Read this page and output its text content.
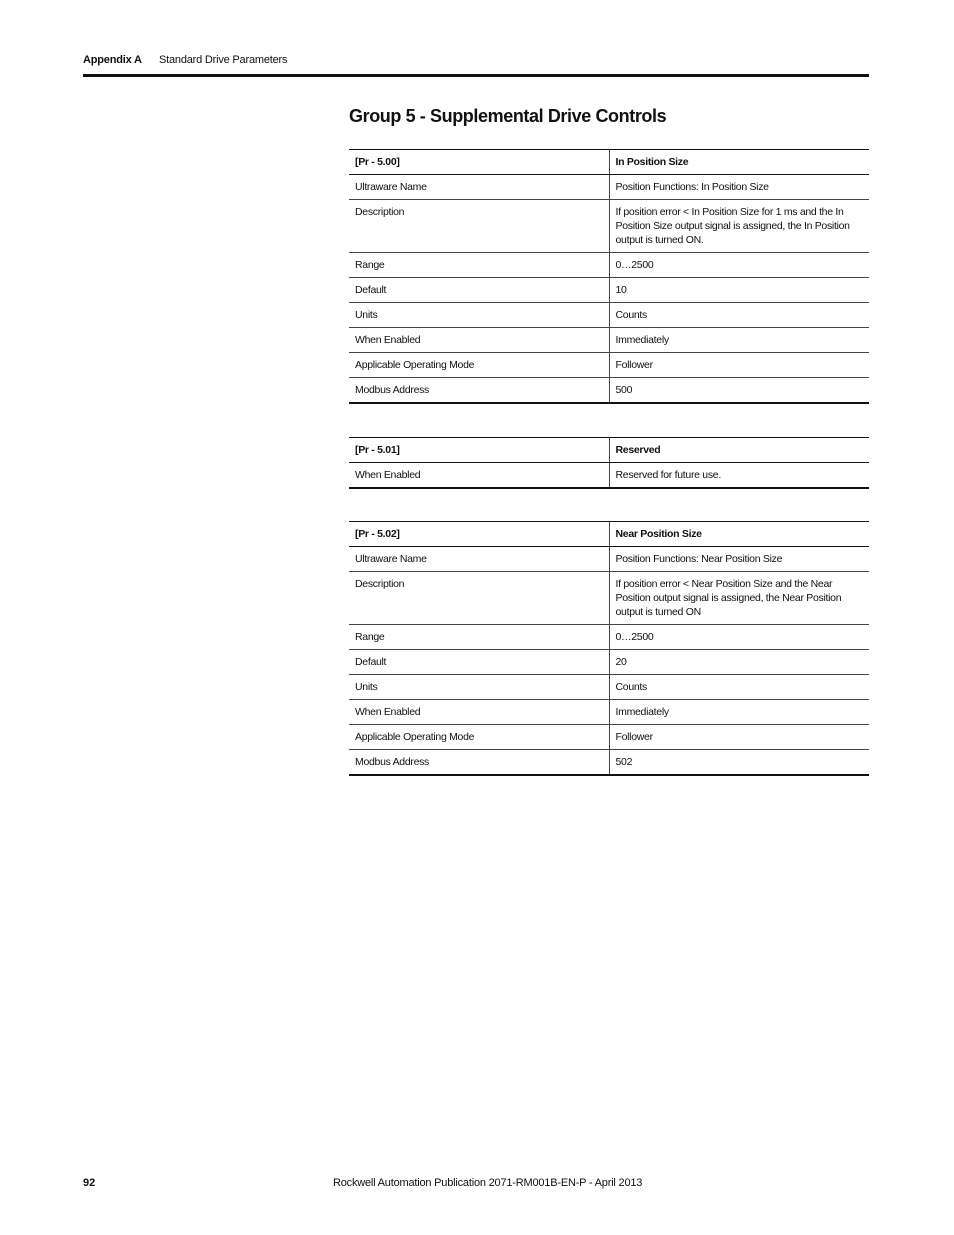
Appendix A Standard Drive Parameters
Group 5 - Supplemental Drive Controls
[Pr - 5.00]	In Position Size
Ultraware Name	Position Functions: In Position Size
Description	If position error < In Position Size for 1 ms and the In Position Size output signal is assigned, the In Position output is turned ON.
Range	0…2500
Default	10
Units	Counts
When Enabled	Immediately
Applicable Operating Mode	Follower
Modbus Address	500
[Pr - 5.01]	Reserved
When Enabled	Reserved for future use.
[Pr - 5.02]	Near Position Size
Ultraware Name	Position Functions: Near Position Size
Description	If position error < Near Position Size and the Near Position output signal is assigned, the Near Position output is turned ON
Range	0…2500
Default	20
Units	Counts
When Enabled	Immediately
Applicable Operating Mode	Follower
Modbus Address	502
92	Rockwell Automation Publication 2071-RM001B-EN-P - April 2013
